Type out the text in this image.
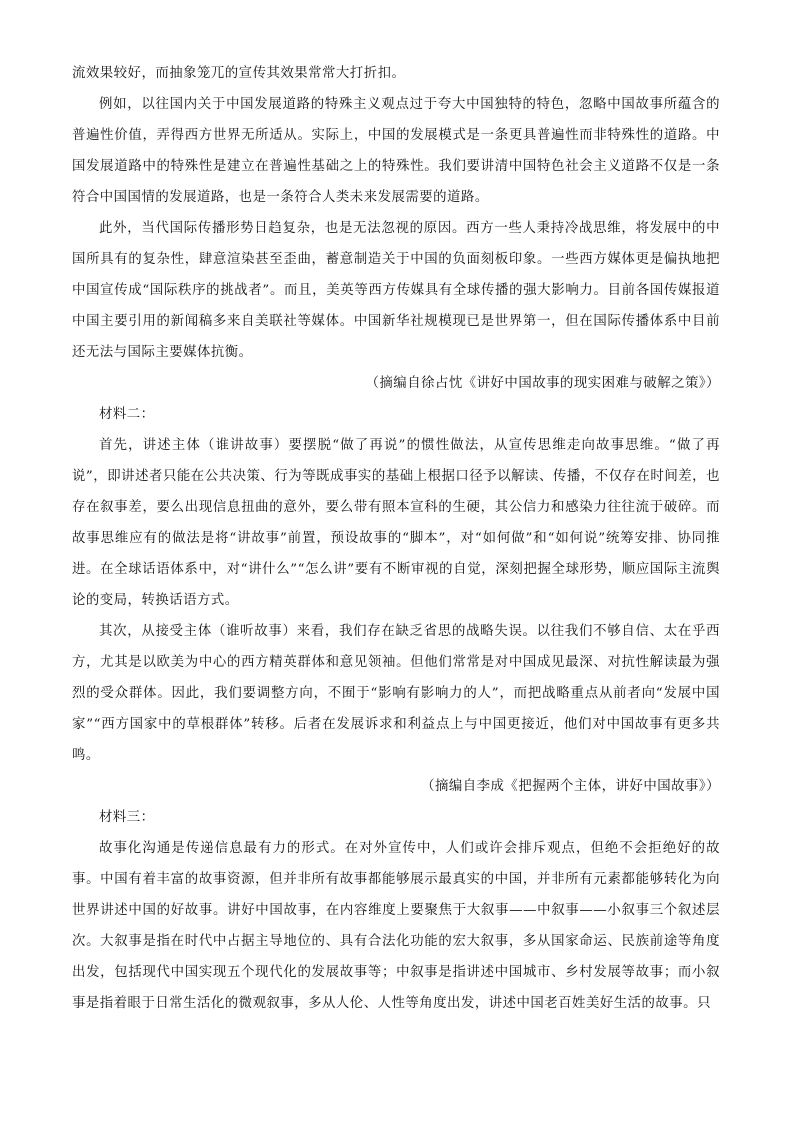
流效果较好，而抽象笼兀的宣传其效果常常大打折扣。

例如，以往国内关于中国发展道路的特殊主义观点过于夸大中国独特的特色，忽略中国故事所蕴含的普遍性价值，弄得西方世界无所适从。实际上，中国的发展模式是一条更具普遍性而非特殊性的道路。中国发展道路中的特殊性是建立在普遍性基础之上的特殊性。我们要讲清中国特色社会主义道路不仅是一条符合中国国情的发展道路，也是一条符合人类未来发展需要的道路。

此外，当代国际传播形势日趋复杂，也是无法忽视的原因。西方一些人秉持冷战思维，将发展中的中国所具有的复杂性，肆意渲染甚至歪曲，蓄意制造关于中国的负面刻板印象。一些西方媒体更是偏执地把中国宣传成“国际秩序的挑战者”。而且，美英等西方传媒具有全球传播的强大影响力。目前各国传媒报道中国主要引用的新闻稿多来自美联社等媒体。中国新华社规模现已是世界第一，但在国际传播体系中目前还无法与国际主要媒体抗衡。

（摘编自徐占忱《讲好中国故事的现实困难与破解之策》）

材料二：

首先，讲述主体（谁讲故事）要摆脱“做了再说”的惯性做法，从宣传思维走向故事思维。“做了再说”，即讲述者只能在公共决策、行为等既成事实的基础上根据口径予以解读、传播，不仅存在时间差，也存在叙事差，要么出现信息扭曲的意外，要么带有照本宣科的生硬，其公信力和感染力往往流于破碎。而故事思维应有的做法是将“讲故事”前置，预设故事的“脚本”，对“如何做”和“如何说”统筹安排、协同推进。在全球话语体系中，对“讲什么”“怎么讲”要有不断审视的自觉，深刻把握全球形势，顺应国际主流舆论的变局，转换话语方式。

其次，从接受主体（谁听故事）来看，我们存在缺乏省思的战略失误。以往我们不够自信、太在乎西方，尤其是以欧美为中心的西方精英群体和意见领袖。但他们常常是对中国成见最深、对抗性解读最为强烈的受众群体。因此，我们要调整方向，不囿于“影响有影响力的人”，而把战略重点从前者向“发展中国家”“西方国家中的草根群体”转移。后者在发展诉求和利益点上与中国更接近，他们对中国故事有更多共鸣。

（摘编自李成《把握两个主体，讲好中国故事》）

材料三：

故事化沟通是传递信息最有力的形式。在对外宣传中，人们或许会排斥观点，但绝不会拒绝好的故事。中国有着丰富的故事资源，但并非所有故事都能够展示最真实的中国，并非所有元素都能够转化为向世界讲述中国的好故事。讲好中国故事，在内容维度上要聚焦于大叙事——中叙事——小叙事三个叙述层次。大叙事是指在时代中占据主导地位的、具有合法化功能的宏大叙事，多从国家命运、民族前途等角度出发，包括现代中国实现五个现代化的发展故事等；中叙事是指讲述中国城市、乡村发展等故事；而小叙事是指着眼于日常生活化的微观叙事，多从人伦、人性等角度出发，讲述中国老百姓美好生活的故事。只
